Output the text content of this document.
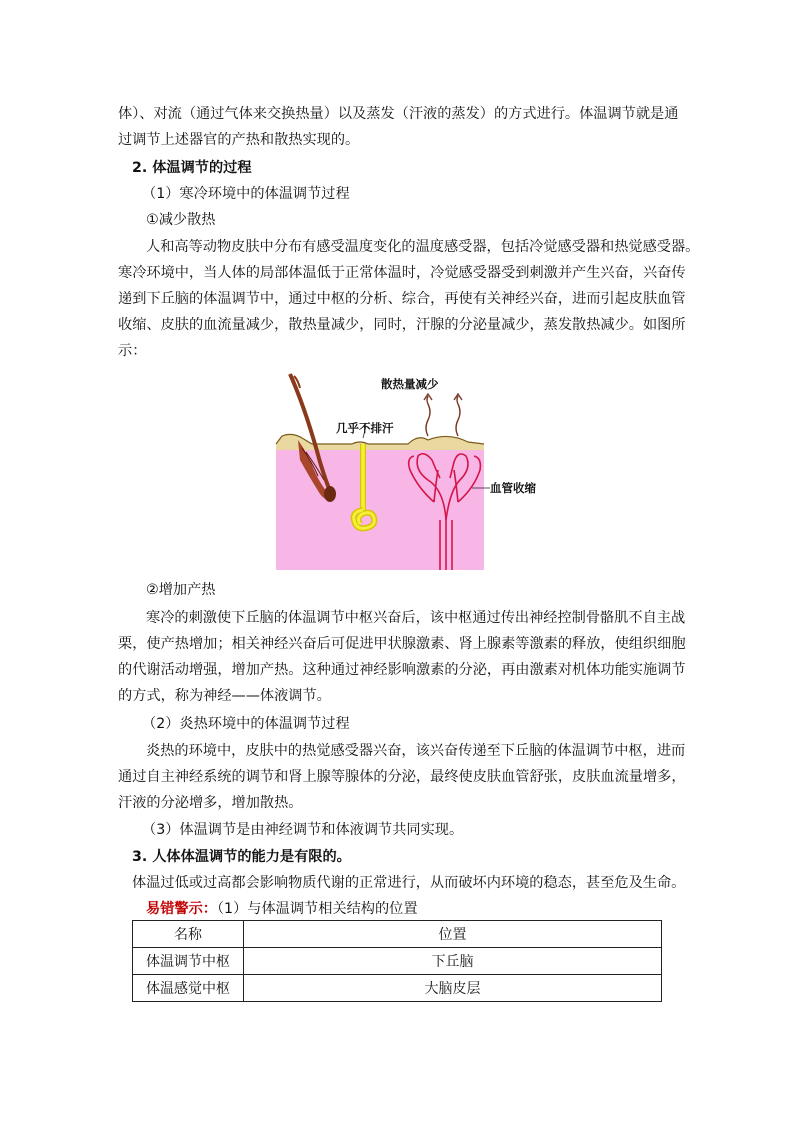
体）、对流（通过气体来交换热量）以及蒸发（汗液的蒸发）的方式进行。体温调节就是通
过调节上述器官的产热和散热实现的。
2. 体温调节的过程
（1）寒冷环境中的体温调节过程
①减少散热
人和高等动物皮肤中分布有感受温度变化的温度感受器，包括冷觉感受器和热觉感受器。
寒冷环境中，当人体的局部体温低于正常体温时，冷觉感受器受到刺激并产生兴奋，兴奋传
递到下丘脑的体温调节中，通过中枢的分析、综合，再使有关神经兴奋，进而引起皮肤血管
收缩、皮肤的血流量减少，散热量减少，同时，汗腺的分泌量减少，蒸发散热减少。如图所
示：
散热量减少
几乎不排汗
血管收缩
②增加产热
寒冷的刺激使下丘脑的体温调节中枢兴奋后，该中枢通过传出神经控制骨骼肌不自主战
栗，使产热增加；相关神经兴奋后可促进甲状腺激素、肾上腺素等激素的释放，使组织细胞
的代谢活动增强，增加产热。这种通过神经影响激素的分泌，再由激素对机体功能实施调节
的方式，称为神经——体液调节。
（2）炎热环境中的体温调节过程
炎热的环境中，皮肤中的热觉感受器兴奋，该兴奋传递至下丘脑的体温调节中枢，进而
通过自主神经系统的调节和肾上腺等腺体的分泌，最终使皮肤血管舒张，皮肤血流量增多，
汗液的分泌增多，增加散热。
（3）体温调节是由神经调节和体液调节共同实现。
3. 人体体温调节的能力是有限的。
体温过低或过高都会影响物质代谢的正常进行，从而破坏内环境的稳态，甚至危及生命。
易错警示：（1）与体温调节相关结构的位置
名称	位置
体温调节中枢	下丘脑
体温感觉中枢	大脑皮层
